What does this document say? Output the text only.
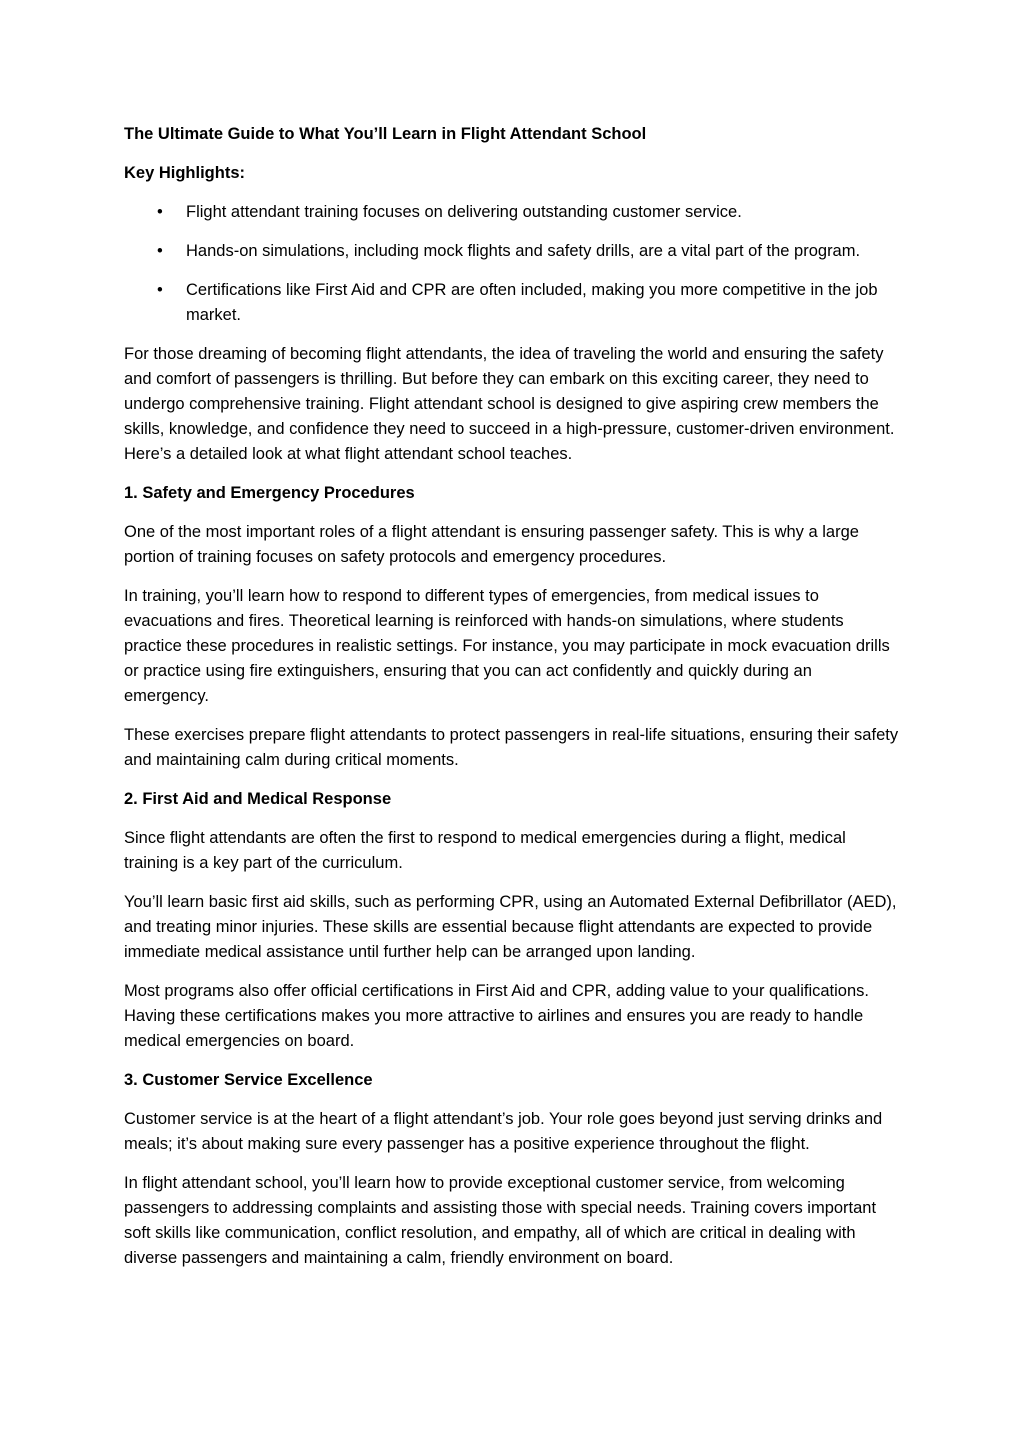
The Ultimate Guide to What You’ll Learn in Flight Attendant School

Key Highlights:

• Flight attendant training focuses on delivering outstanding customer service.
• Hands-on simulations, including mock flights and safety drills, are a vital part of the program.
• Certifications like First Aid and CPR are often included, making you more competitive in the job market.

For those dreaming of becoming flight attendants, the idea of traveling the world and ensuring the safety and comfort of passengers is thrilling. But before they can embark on this exciting career, they need to undergo comprehensive training. Flight attendant school is designed to give aspiring crew members the skills, knowledge, and confidence they need to succeed in a high-pressure, customer-driven environment. Here’s a detailed look at what flight attendant school teaches.

1. Safety and Emergency Procedures

One of the most important roles of a flight attendant is ensuring passenger safety. This is why a large portion of training focuses on safety protocols and emergency procedures.

In training, you’ll learn how to respond to different types of emergencies, from medical issues to evacuations and fires. Theoretical learning is reinforced with hands-on simulations, where students practice these procedures in realistic settings. For instance, you may participate in mock evacuation drills or practice using fire extinguishers, ensuring that you can act confidently and quickly during an emergency.

These exercises prepare flight attendants to protect passengers in real-life situations, ensuring their safety and maintaining calm during critical moments.

2. First Aid and Medical Response

Since flight attendants are often the first to respond to medical emergencies during a flight, medical training is a key part of the curriculum.

You’ll learn basic first aid skills, such as performing CPR, using an Automated External Defibrillator (AED), and treating minor injuries. These skills are essential because flight attendants are expected to provide immediate medical assistance until further help can be arranged upon landing.

Most programs also offer official certifications in First Aid and CPR, adding value to your qualifications. Having these certifications makes you more attractive to airlines and ensures you are ready to handle medical emergencies on board.

3. Customer Service Excellence

Customer service is at the heart of a flight attendant’s job. Your role goes beyond just serving drinks and meals; it’s about making sure every passenger has a positive experience throughout the flight.

In flight attendant school, you’ll learn how to provide exceptional customer service, from welcoming passengers to addressing complaints and assisting those with special needs. Training covers important soft skills like communication, conflict resolution, and empathy, all of which are critical in dealing with diverse passengers and maintaining a calm, friendly environment on board.
